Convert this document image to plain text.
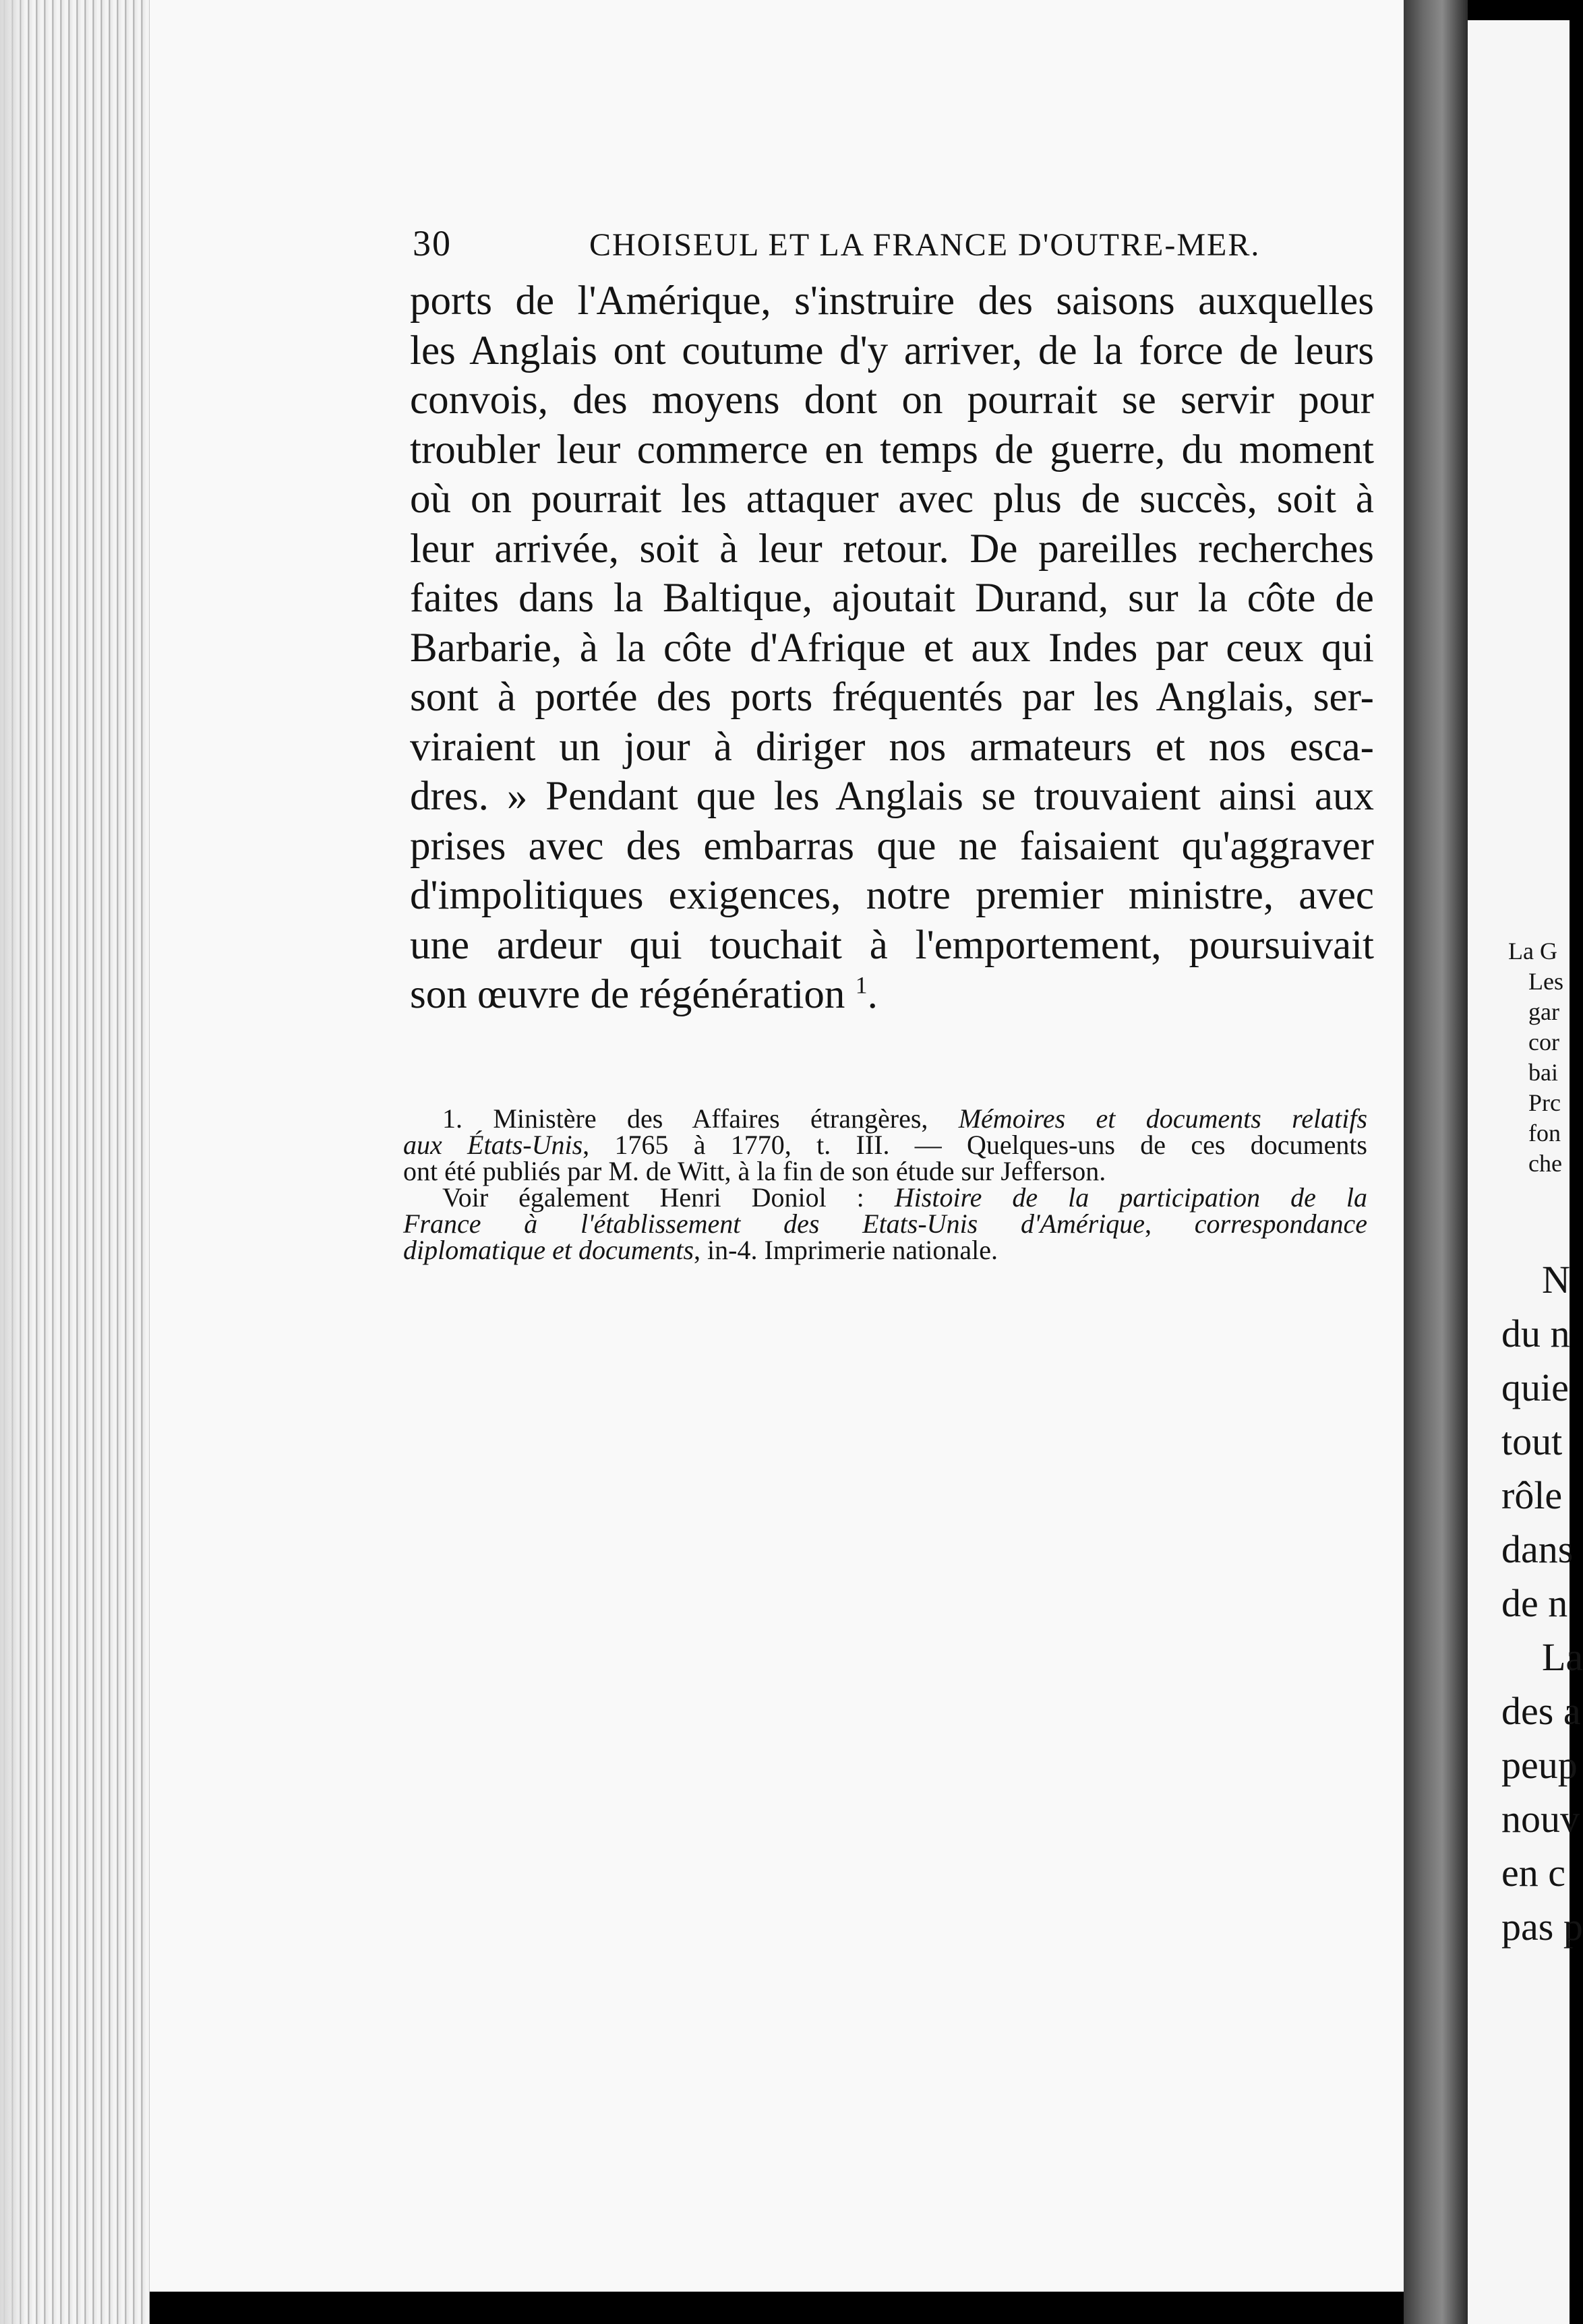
30	CHOISEUL ET LA FRANCE D'OUTRE-MER.
ports de l'Amérique, s'instruire des saisons auxquelles
les Anglais ont coutume d'y arriver, de la force de leurs
convois, des moyens dont on pourrait se servir pour
troubler leur commerce en temps de guerre, du moment
où on pourrait les attaquer avec plus de succès, soit à
leur arrivée, soit à leur retour. De pareilles recherches
faites dans la Baltique, ajoutait Durand, sur la côte de
Barbarie, à la côte d'Afrique et aux Indes par ceux qui
sont à portée des ports fréquentés par les Anglais, ser-
viraient un jour à diriger nos armateurs et nos esca-
dres. » Pendant que les Anglais se trouvaient ainsi aux
prises avec des embarras que ne faisaient qu'aggraver
d'impolitiques exigences, notre premier ministre, avec
une ardeur qui touchait à l'emportement, poursuivait
son œuvre de régénération $^1$.
1. Ministère des Affaires étrangères, Mémoires et documents relatifs
aux États-Unis, 1765 à 1770, t. III. — Quelques-uns de ces documents
ont été publiés par M. de Witt, à la fin de son étude sur Jefferson.
Voir également Henri Doniol : Histoire de la participation de la
France à l'établissement des Etats-Unis d'Amérique, correspondance
diplomatique et documents, in-4. Imprimerie nationale.
La G
Les
gar
cor
bai
Prc
fon
che
N
du n
quie
tout
rôle
dans
de n
La
des a
peup
nouv
en c
pas p
